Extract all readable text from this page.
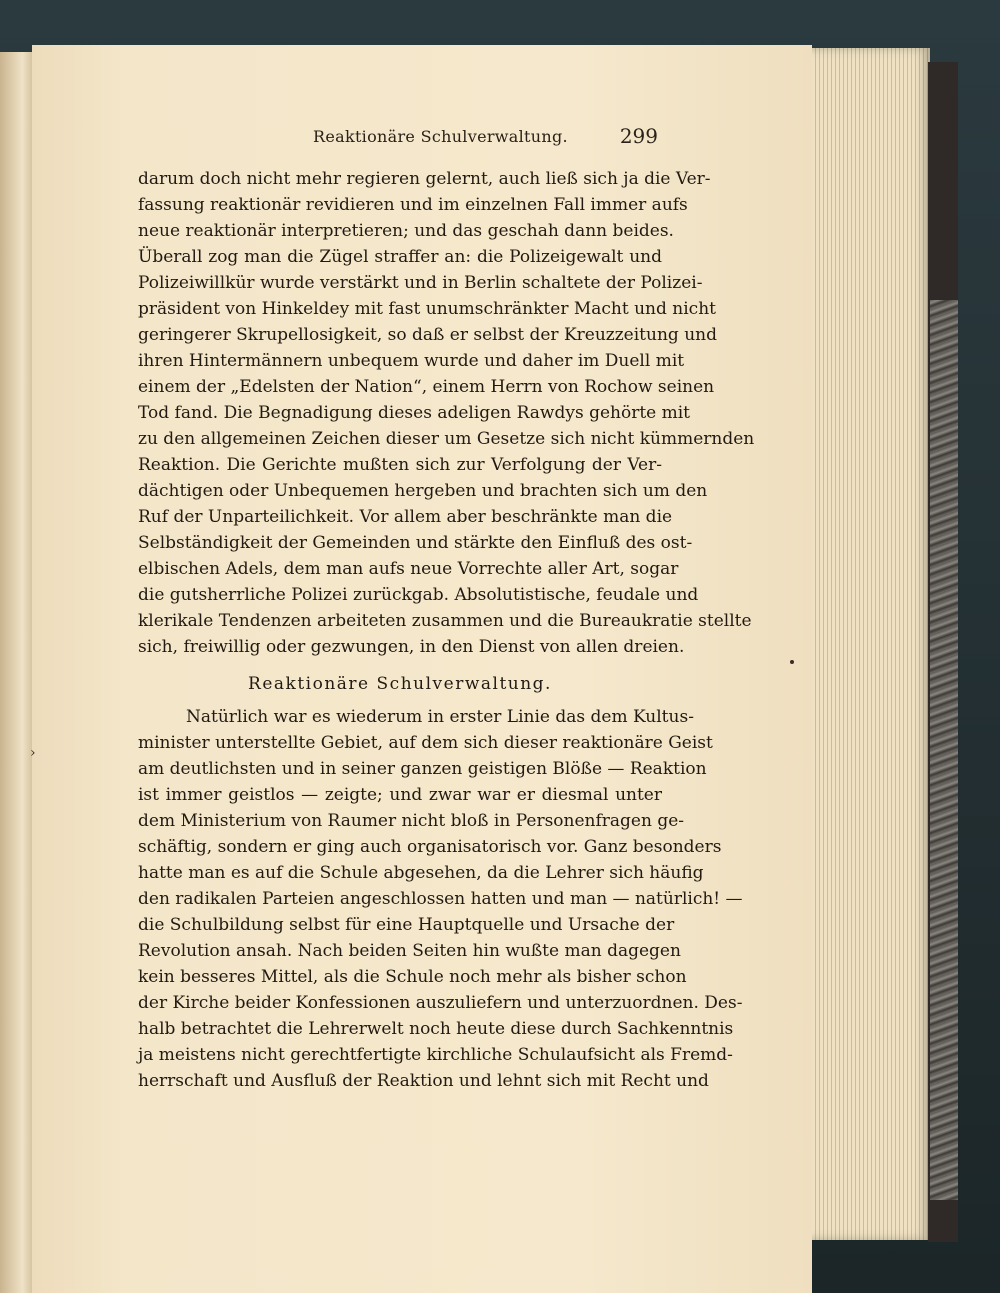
Reaktionäre Schulverwaltung.	299
darum doch nicht mehr regieren gelernt, auch ließ sich ja die Ver-
fassung reaktionär revidieren und im einzelnen Fall immer aufs
neue reaktionär interpretieren; und das geschah dann beides.
Überall zog man die Zügel straffer an: die Polizeigewalt und
Polizeiwillkür wurde verstärkt und in Berlin schaltete der Polizei-
präsident von Hinkeldey mit fast unumschränkter Macht und nicht
geringerer Skrupellosigkeit, so daß er selbst der Kreuzzeitung und
ihren Hintermännern unbequem wurde und daher im Duell mit
einem der „Edelsten der Nation“, einem Herrn von Rochow seinen
Tod fand. Die Begnadigung dieses adeligen Rawdys gehörte mit
zu den allgemeinen Zeichen dieser um Gesetze sich nicht kümmernden
Reaktion. Die Gerichte mußten sich zur Verfolgung der Ver-
dächtigen oder Unbequemen hergeben und brachten sich um den
Ruf der Unparteilichkeit. Vor allem aber beschränkte man die
Selbständigkeit der Gemeinden und stärkte den Einfluß des ost-
elbischen Adels, dem man aufs neue Vorrechte aller Art, sogar
die gutsherrliche Polizei zurückgab. Absolutistische, feudale und
klerikale Tendenzen arbeiteten zusammen und die Bureaukratie stellte
sich, freiwillig oder gezwungen, in den Dienst von allen dreien.
Reaktionäre Schulverwaltung.
Natürlich war es wiederum in erster Linie das dem Kultus-
minister unterstellte Gebiet, auf dem sich dieser reaktionäre Geist
am deutlichsten und in seiner ganzen geistigen Blöße — Reaktion
ist immer geistlos — zeigte; und zwar war er diesmal unter
dem Ministerium von Raumer nicht bloß in Personenfragen ge-
schäftig, sondern er ging auch organisatorisch vor. Ganz besonders
hatte man es auf die Schule abgesehen, da die Lehrer sich häufig
den radikalen Parteien angeschlossen hatten und man — natürlich! —
die Schulbildung selbst für eine Hauptquelle und Ursache der
Revolution ansah. Nach beiden Seiten hin wußte man dagegen
kein besseres Mittel, als die Schule noch mehr als bisher schon
der Kirche beider Konfessionen auszuliefern und unterzuordnen. Des-
halb betrachtet die Lehrerwelt noch heute diese durch Sachkenntnis
ja meistens nicht gerechtfertigte kirchliche Schulaufsicht als Fremd-
herrschaft und Ausfluß der Reaktion und lehnt sich mit Recht und
›
